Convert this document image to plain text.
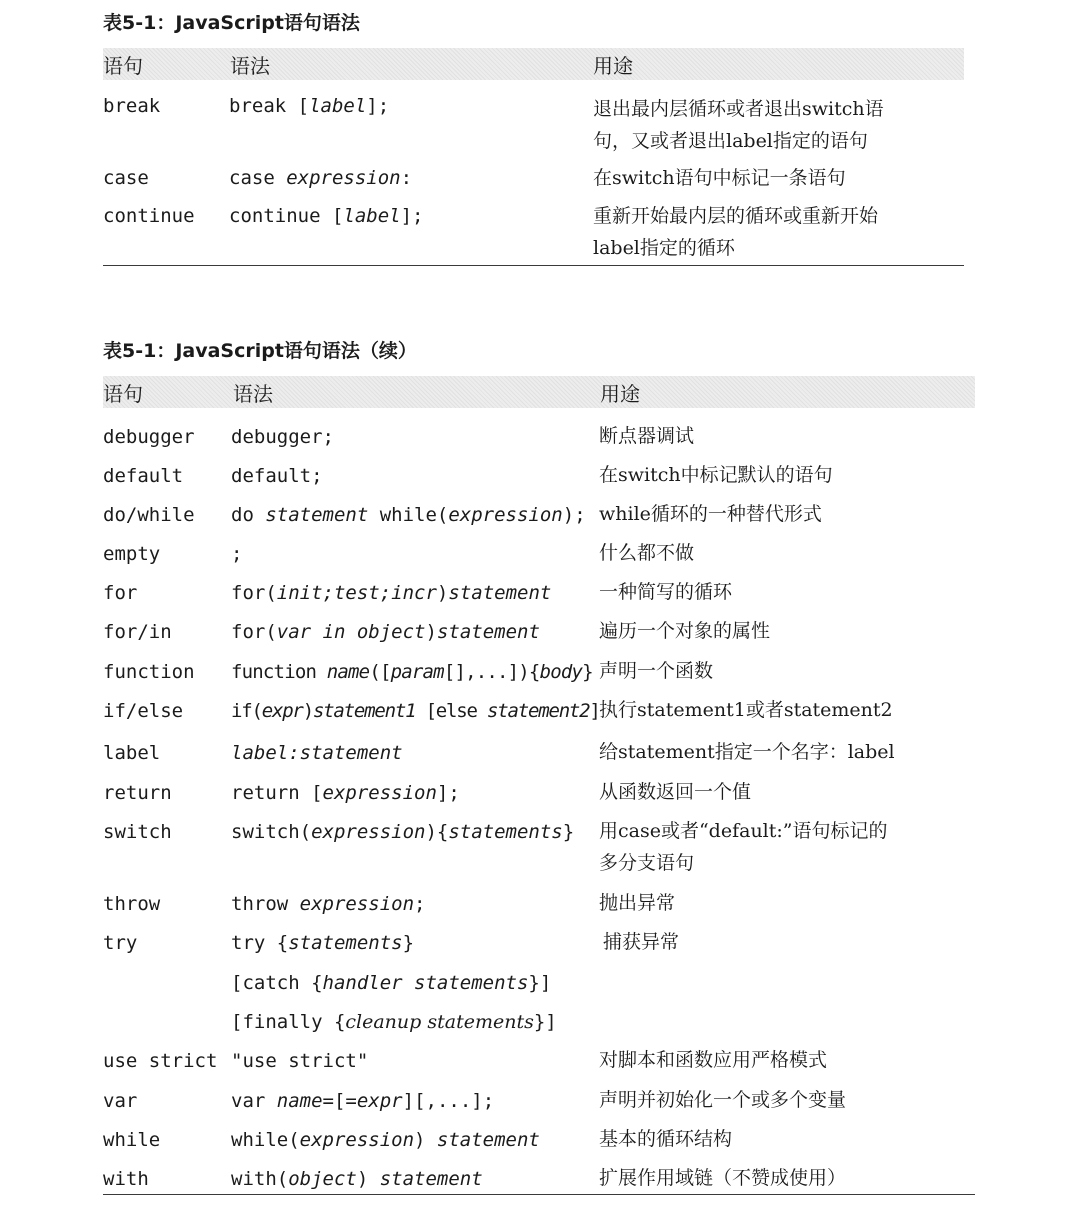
表5-1：JavaScript语句语法
语句	语法	用途
break	break [label];	退出最内层循环或者退出switch语
句，又或者退出label指定的语句
case	case expression:	在switch语句中标记一条语句
continue continue [label];	重新开始最内层的循环或重新开始
label指定的循环
表5-1：JavaScript语句语法（续）
语句	语法	用途
debugger debugger;	断点器调试
default	default;	在switch中标记默认的语句
do/while do statement while(expression); while循环的一种替代形式
empty	;	什么都不做
for	for(init;test;incr)statement	一种简写的循环
for/in	for(var in object)statement	遍历一个对象的属性
function function name([param[],...]){body} 声明一个函数
if/else	if(expr)statement1 [else statement2] 执行statement1或者statement2
label	label:statement	给statement指定一个名字：label
return	return [expression];	从函数返回一个值
switch	switch(expression){statements} 用case或者“default:”语句标记的
多分支语句
throw	throw expression;	抛出异常
try	try {statements}	捕获异常
[catch {handler statements}]
[finally {cleanup statements}]
use strict "use strict"	对脚本和函数应用严格模式
var	var name=[=expr][,...];	声明并初始化一个或多个变量
while	while(expression) statement	基本的循环结构
with	with(object) statement	扩展作用域链（不赞成使用）
